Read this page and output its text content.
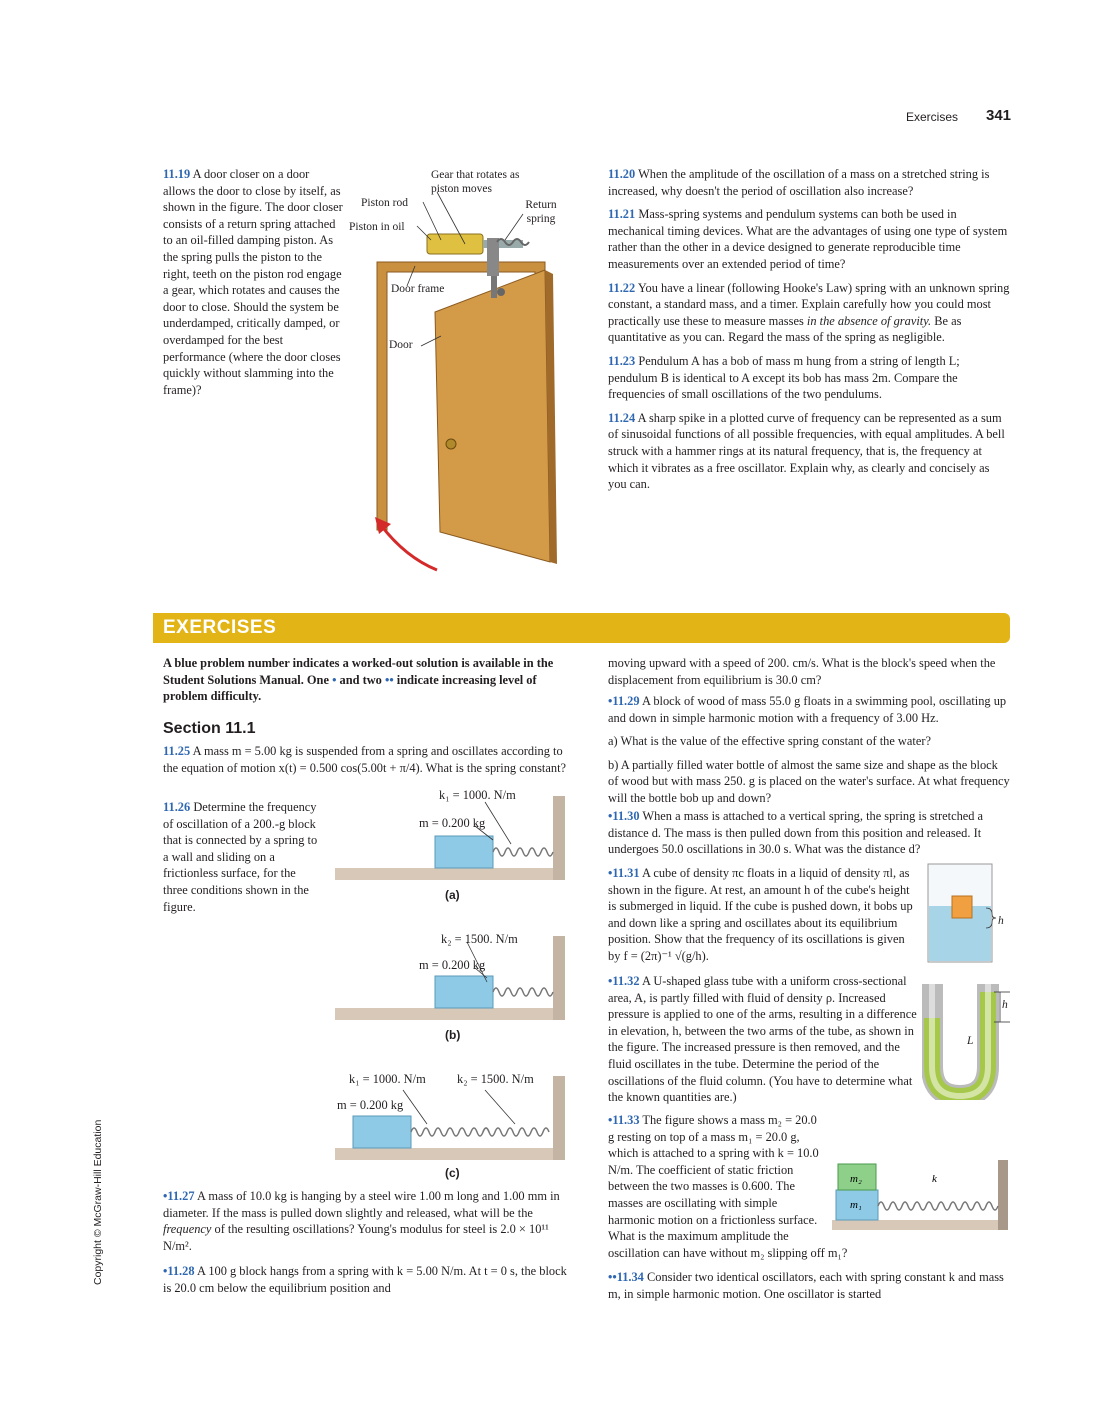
Exercises 341
Copyright © McGraw-Hill Education
11.19 A door closer on a door allows the door to close by itself, as shown in the figure. The door closer consists of a return spring attached to an oil-filled damping piston. As the spring pulls the piston to the right, teeth on the piston rod engage a gear, which rotates and causes the door to close. Should the system be underdamped, critically damped, or overdamped for the best performance (where the door closes quickly without slamming into the frame)?
Gear that rotates as piston moves
Piston rod
Piston in oil
Return spring
Door frame
Door

11.20 When the amplitude of the oscillation of a mass on a stretched string is increased, why doesn't the period of oscillation also increase?

11.21 Mass-spring systems and pendulum systems can both be used in mechanical timing devices. What are the advantages of using one type of system rather than the other in a device designed to generate reproducible time measurements over an extended period of time?

11.22 You have a linear (following Hooke's Law) spring with an unknown spring constant, a standard mass, and a timer. Explain carefully how you could most practically use these to measure masses in the absence of gravity. Be as quantitative as you can. Regard the mass of the spring as negligible.

11.23 Pendulum A has a bob of mass m hung from a string of length L; pendulum B is identical to A except its bob has mass 2m. Compare the frequencies of small oscillations of the two pendulums.

11.24 A sharp spike in a plotted curve of frequency can be represented as a sum of sinusoidal functions of all possible frequencies, with equal amplitudes. A bell struck with a hammer rings at its natural frequency, that is, the frequency at which it vibrates as a free oscillator. Explain why, as clearly and concisely as you can.

EXERCISES
A blue problem number indicates a worked-out solution is available in the Student Solutions Manual. One • and two •• indicate increasing level of problem difficulty.
Section 11.1
11.25 A mass m = 5.00 kg is suspended from a spring and oscillates according to the equation of motion x(t) = 0.500 cos(5.00t + π/4). What is the spring constant?
11.26 Determine the frequency of oscillation of a 200.-g block that is connected by a spring to a wall and sliding on a frictionless surface, for the three conditions shown in the figure.
k₁ = 1000. N/m
m = 0.200 kg
(a)
k₂ = 1500. N/m
m = 0.200 kg
(b)
k₁ = 1000. N/m	k₂ = 1500. N/m
m = 0.200 kg
(c)
•11.27 A mass of 10.0 kg is hanging by a steel wire 1.00 m long and 1.00 mm in diameter. If the mass is pulled down slightly and released, what will be the frequency of the resulting oscillations? Young's modulus for steel is 2.0 × 10¹¹ N/m².
•11.28 A 100 g block hangs from a spring with k = 5.00 N/m. At t = 0 s, the block is 20.0 cm below the equilibrium position and
moving upward with a speed of 200. cm/s. What is the block's speed when the displacement from equilibrium is 30.0 cm?

•11.29 A block of wood of mass 55.0 g floats in a swimming pool, oscillating up and down in simple harmonic motion with a frequency of 3.00 Hz.

a) What is the value of the effective spring constant of the water?

b) A partially filled water bottle of almost the same size and shape as the block of wood but with mass 250. g is placed on the water's surface. At what frequency will the bottle bob up and down?

•11.30 When a mass is attached to a vertical spring, the spring is stretched a distance d. The mass is then pulled down from this position and released. It undergoes 50.0 oscillations in 30.0 s. What was the distance d?
•11.31 A cube of density πc floats in a liquid of density πl, as shown in the figure. At rest, an amount h of the cube's height is submerged in liquid. If the cube is pushed down, it bobs up and down like a spring and oscillates about its equilibrium position. Show that the frequency of its oscillations is given by f = (2π)⁻¹ √(g/h).
h
•11.32 A U-shaped glass tube with a uniform cross-sectional area, A, is partly filled with fluid of density ρ. Increased pressure is applied to one of the arms, resulting in a difference in elevation, h, between the two arms of the tube, as shown in the figure. The increased pressure is then removed, and the fluid oscillates in the tube. Determine the period of the oscillations of the fluid column. (You have to determine what the known quantities are.)
h
L
m₂
m₁
k
•11.33 The figure shows a mass m₂ = 20.0 g resting on top of a mass m₁ = 20.0 g, which is attached to a spring with k = 10.0 N/m. The coefficient of static friction between the two masses is 0.600. The masses are oscillating with simple harmonic motion on a frictionless surface. What is the maximum amplitude the oscillation can have without m₂ slipping off m₁?
••11.34 Consider two identical oscillators, each with spring constant k and mass m, in simple harmonic motion. One oscillator is started
